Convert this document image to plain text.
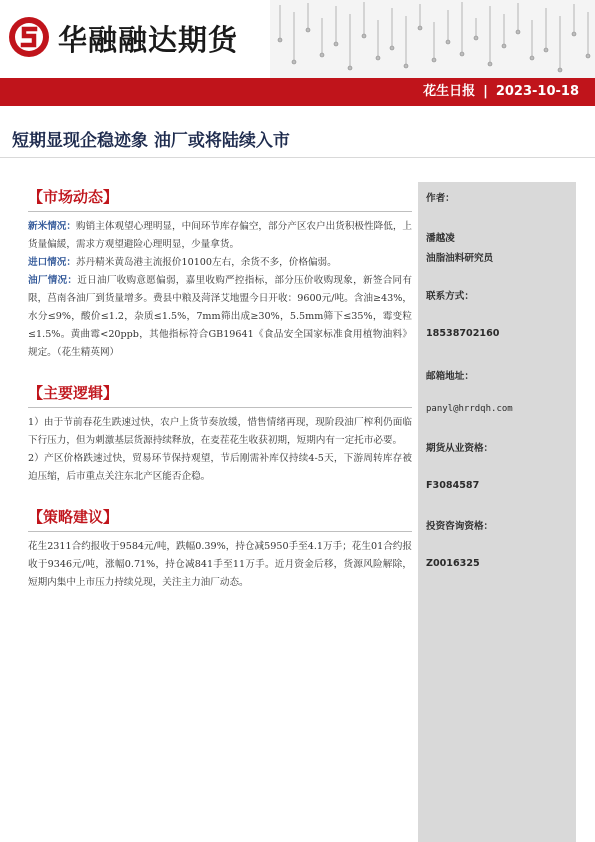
华融融达期货
花生日报 | 2023-10-18
短期显现企稳迹象 油厂或将陆续入市

【市场动态】

新米情况：购销主体观望心理明显，中间环节库存偏空，部分产区农户出货积极性降低，上货量偏緩，需求方观望避险心理明显，少量拿货。

进口情况：苏丹精米黄岛港主流报价10100左右，余货不多，价格偏弱。

油厂情况：近日油厂收购意愿偏弱，嘉里收购严控指标，部分压价收购现象，新签合同有限，莒南各油厂到货量增多。费县中粮及菏泽艾地盟今日开收：9600元/吨。含油≥43%，水分≤9%，酸价≤1.2，杂质≤1.5%，7mm筛出成≥30%，5.5mm筛下≤35%，霉变粒≤1.5%。黄曲霉<20ppb，其他指标符合GB19641《食品安全国家标准食用植物油料》规定。（花生精英网）

【主要逻辑】

1）由于节前春花生跌速过快，农户上货节奏放缓，惜售情绪再现，现阶段油厂榨利仍面临下行压力，但为刺激基层货源持续释放，在麦茬花生收获初期，短期内有一定托市必要。

2）产区价格跌速过快，贸易环节保持观望，节后刚需补库仅持续4-5天，下游周转库存被迫压缩，后市重点关注东北产区能否企稳。

【策略建议】

花生2311合约报收于9584元/吨，跌幅0.39%，持仓减5950手至4.1万手；花生01合约报收于9346元/吨，涨幅0.71%，持仓减841手至11万手。近月资金后移，货源风险解除，短期内集中上市压力持续兑现，关注主力油厂动态。

作者：
潘越凌
油脂油料研究员
联系方式：
18538702160
邮箱地址：
panyl@hrrdqh.com
期货从业资格：
F3084587
投资咨询资格：
Z0016325
